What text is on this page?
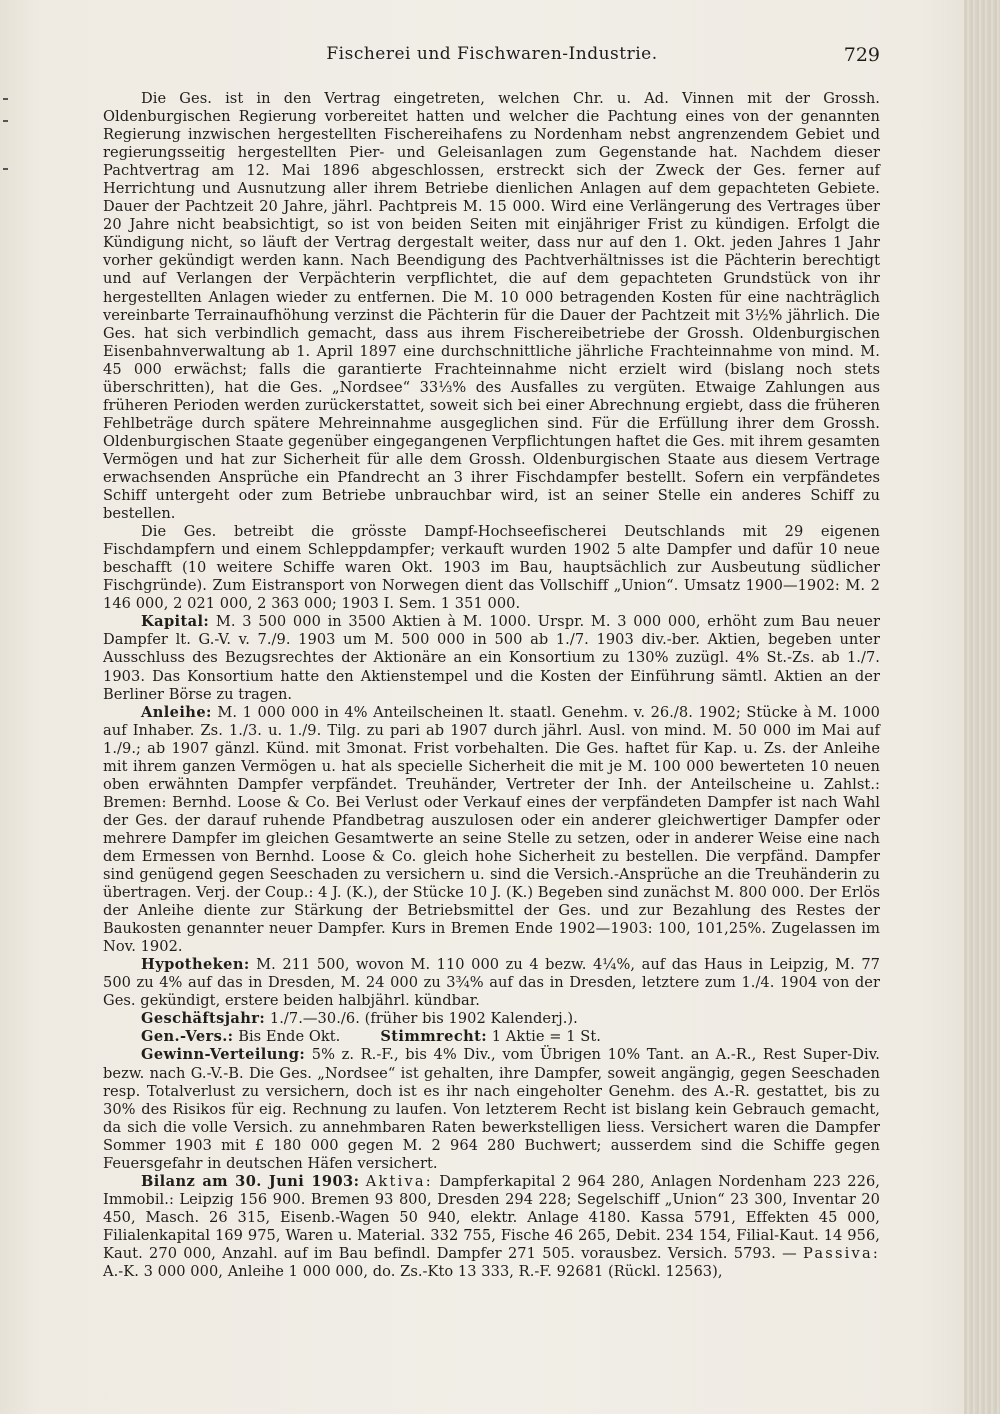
Fischerei und Fischwaren-Industrie.	729

Die Ges. ist in den Vertrag eingetreten, welchen Chr. u. Ad. Vinnen mit der Grossh. Oldenburgischen Regierung vorbereitet hatten und welcher die Pachtung eines von der genannten Regierung inzwischen hergestellten Fischereihafens zu Nordenham nebst angrenzendem Gebiet und regierungsseitig hergestellten Pier- und Geleisanlagen zum Gegenstande hat. Nachdem dieser Pachtvertrag am 12. Mai 1896 abgeschlossen, erstreckt sich der Zweck der Ges. ferner auf Herrichtung und Ausnutzung aller ihrem Betriebe dienlichen Anlagen auf dem gepachteten Gebiete. Dauer der Pachtzeit 20 Jahre, jährl. Pachtpreis M. 15 000. Wird eine Verlängerung des Vertrages über 20 Jahre nicht beabsichtigt, so ist von beiden Seiten mit einjähriger Frist zu kündigen. Erfolgt die Kündigung nicht, so läuft der Vertrag dergestalt weiter, dass nur auf den 1. Okt. jeden Jahres 1 Jahr vorher gekündigt werden kann. Nach Beendigung des Pachtverhältnisses ist die Pächterin berechtigt und auf Verlangen der Verpächterin verpflichtet, die auf dem gepachteten Grundstück von ihr hergestellten Anlagen wieder zu entfernen. Die M. 10 000 betragenden Kosten für eine nachträglich vereinbarte Terrainaufhöhung verzinst die Pächterin für die Dauer der Pachtzeit mit 3½% jährlich. Die Ges. hat sich verbindlich gemacht, dass aus ihrem Fischereibetriebe der Grossh. Oldenburgischen Eisenbahnverwaltung ab 1. April 1897 eine durchschnittliche jährliche Frachteinnahme von mind. M. 45 000 erwächst; falls die garantierte Frachteinnahme nicht erzielt wird (bislang noch stets überschritten), hat die Ges. „Nordsee“ 33⅓% des Ausfalles zu vergüten. Etwaige Zahlungen aus früheren Perioden werden zurückerstattet, soweit sich bei einer Abrechnung ergiebt, dass die früheren Fehlbeträge durch spätere Mehreinnahme ausgeglichen sind. Für die Erfüllung ihrer dem Grossh. Oldenburgischen Staate gegenüber eingegangenen Verpflichtungen haftet die Ges. mit ihrem gesamten Vermögen und hat zur Sicherheit für alle dem Grossh. Oldenburgischen Staate aus diesem Vertrage erwachsenden Ansprüche ein Pfandrecht an 3 ihrer Fischdampfer bestellt. Sofern ein verpfändetes Schiff untergeht oder zum Betriebe unbrauchbar wird, ist an seiner Stelle ein anderes Schiff zu bestellen.

Die Ges. betreibt die grösste Dampf-Hochseefischerei Deutschlands mit 29 eigenen Fischdampfern und einem Schleppdampfer; verkauft wurden 1902 5 alte Dampfer und dafür 10 neue beschafft (10 weitere Schiffe waren Okt. 1903 im Bau, hauptsächlich zur Ausbeutung südlicher Fischgründe). Zum Eistransport von Norwegen dient das Vollschiff „Union“. Umsatz 1900—1902: M. 2 146 000, 2 021 000, 2 363 000; 1903 I. Sem. 1 351 000.

Kapital: M. 3 500 000 in 3500 Aktien à M. 1000. Urspr. M. 3 000 000, erhöht zum Bau neuer Dampfer lt. G.-V. v. 7./9. 1903 um M. 500 000 in 500 ab 1./7. 1903 div.-ber. Aktien, begeben unter Ausschluss des Bezugsrechtes der Aktionäre an ein Konsortium zu 130% zuzügl. 4% St.-Zs. ab 1./7. 1903. Das Konsortium hatte den Aktienstempel und die Kosten der Einführung sämtl. Aktien an der Berliner Börse zu tragen.

Anleihe: M. 1 000 000 in 4% Anteilscheinen lt. staatl. Genehm. v. 26./8. 1902; Stücke à M. 1000 auf Inhaber. Zs. 1./3. u. 1./9. Tilg. zu pari ab 1907 durch jährl. Ausl. von mind. M. 50 000 im Mai auf 1./9.; ab 1907 gänzl. Künd. mit 3monat. Frist vorbehalten. Die Ges. haftet für Kap. u. Zs. der Anleihe mit ihrem ganzen Vermögen u. hat als specielle Sicherheit die mit je M. 100 000 bewerteten 10 neuen oben erwähnten Dampfer verpfändet. Treuhänder, Vertreter der Inh. der Anteilscheine u. Zahlst.: Bremen: Bernhd. Loose & Co. Bei Verlust oder Verkauf eines der verpfändeten Dampfer ist nach Wahl der Ges. der darauf ruhende Pfandbetrag auszulosen oder ein anderer gleichwertiger Dampfer oder mehrere Dampfer im gleichen Gesamtwerte an seine Stelle zu setzen, oder in anderer Weise eine nach dem Ermessen von Bernhd. Loose & Co. gleich hohe Sicherheit zu bestellen. Die verpfänd. Dampfer sind genügend gegen Seeschaden zu versichern u. sind die Versich.-Ansprüche an die Treuhänderin zu übertragen. Verj. der Coup.: 4 J. (K.), der Stücke 10 J. (K.) Begeben sind zunächst M. 800 000. Der Erlös der Anleihe diente zur Stärkung der Betriebsmittel der Ges. und zur Bezahlung des Restes der Baukosten genannter neuer Dampfer. Kurs in Bremen Ende 1902—1903: 100, 101,25%. Zugelassen im Nov. 1902.

Hypotheken: M. 211 500, wovon M. 110 000 zu 4 bezw. 4¼%, auf das Haus in Leipzig, M. 77 500 zu 4% auf das in Dresden, M. 24 000 zu 3¾% auf das in Dresden, letztere zum 1./4. 1904 von der Ges. gekündigt, erstere beiden halbjährl. kündbar.

Geschäftsjahr: 1./7.—30./6. (früher bis 1902 Kalenderj.).

Gen.-Vers.: Bis Ende Okt.	Stimmrecht: 1 Aktie = 1 St.

Gewinn-Verteilung: 5% z. R.-F., bis 4% Div., vom Übrigen 10% Tant. an A.-R., Rest Super-Div. bezw. nach G.-V.-B. Die Ges. „Nordsee“ ist gehalten, ihre Dampfer, soweit angängig, gegen Seeschaden resp. Totalverlust zu versichern, doch ist es ihr nach eingeholter Genehm. des A.-R. gestattet, bis zu 30% des Risikos für eig. Rechnung zu laufen. Von letzterem Recht ist bislang kein Gebrauch gemacht, da sich die volle Versich. zu annehmbaren Raten bewerkstelligen liess. Versichert waren die Dampfer Sommer 1903 mit £ 180 000 gegen M. 2 964 280 Buchwert; ausserdem sind die Schiffe gegen Feuersgefahr in deutschen Häfen versichert.

Bilanz am 30. Juni 1903: Aktiva: Dampferkapital 2 964 280, Anlagen Nordenham 223 226, Immobil.: Leipzig 156 900. Bremen 93 800, Dresden 294 228; Segelschiff „Union“ 23 300, Inventar 20 450, Masch. 26 315, Eisenb.-Wagen 50 940, elektr. Anlage 4180. Kassa 5791, Effekten 45 000, Filialenkapital 169 975, Waren u. Material. 332 755, Fische 46 265, Debit. 234 154, Filial-Kaut. 14 956, Kaut. 270 000, Anzahl. auf im Bau befindl. Dampfer 271 505. vorausbez. Versich. 5793. — Passiva: A.-K. 3 000 000, Anleihe 1 000 000, do. Zs.-Kto 13 333, R.-F. 92681 (Rückl. 12563),
